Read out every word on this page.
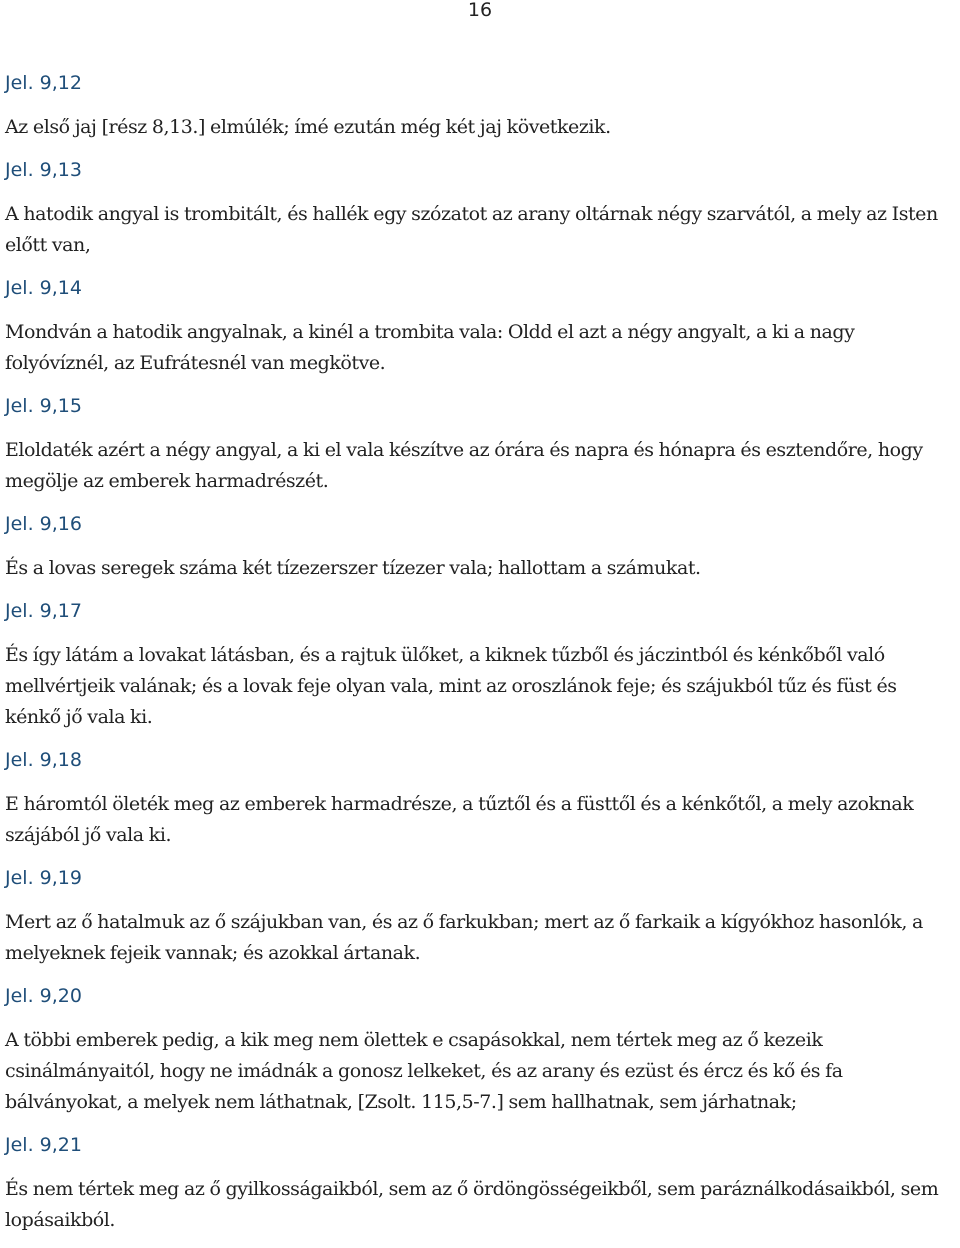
16
Jel. 9,12
Az első jaj [rész 8,13.] elmúlék; ímé ezután még két jaj következik.
Jel. 9,13
A hatodik angyal is trombitált, és hallék egy szózatot az arany oltárnak négy szarvától, a mely az Isten előtt van,
Jel. 9,14
Mondván a hatodik angyalnak, a kinél a trombita vala: Oldd el azt a négy angyalt, a ki a nagy folyóvíznél, az Eufrátesnél van megkötve.
Jel. 9,15
Eloldaték azért a négy angyal, a ki el vala készítve az órára és napra és hónapra és esztendőre, hogy megölje az emberek harmadrészét.
Jel. 9,16
És a lovas seregek száma két tízezerszer tízezer vala; hallottam a számukat.
Jel. 9,17
És így látám a lovakat látásban, és a rajtuk ülőket, a kiknek tűzből és jáczintból és kénkőből való mellvértjeik valának; és a lovak feje olyan vala, mint az oroszlánok feje; és szájukból tűz és füst és kénkő jő vala ki.
Jel. 9,18
E háromtól öleték meg az emberek harmadrésze, a tűztől és a füsttől és a kénkőtől, a mely azoknak szájából jő vala ki.
Jel. 9,19
Mert az ő hatalmuk az ő szájukban van, és az ő farkukban; mert az ő farkaik a kígyókhoz hasonlók, a melyeknek fejeik vannak; és azokkal ártanak.
Jel. 9,20
A többi emberek pedig, a kik meg nem ölettek e csapásokkal, nem tértek meg az ő kezeik csinálmányaitól, hogy ne imádnák a gonosz lelkeket, és az arany és ezüst és ércz és kő és fa bálványokat, a melyek nem láthatnak, [Zsolt. 115,5-7.] sem hallhatnak, sem járhatnak;
Jel. 9,21
És nem tértek meg az ő gyilkosságaikból, sem az ő ördöngösségeikből, sem paráználkodásaikból, sem lopásaikból.
